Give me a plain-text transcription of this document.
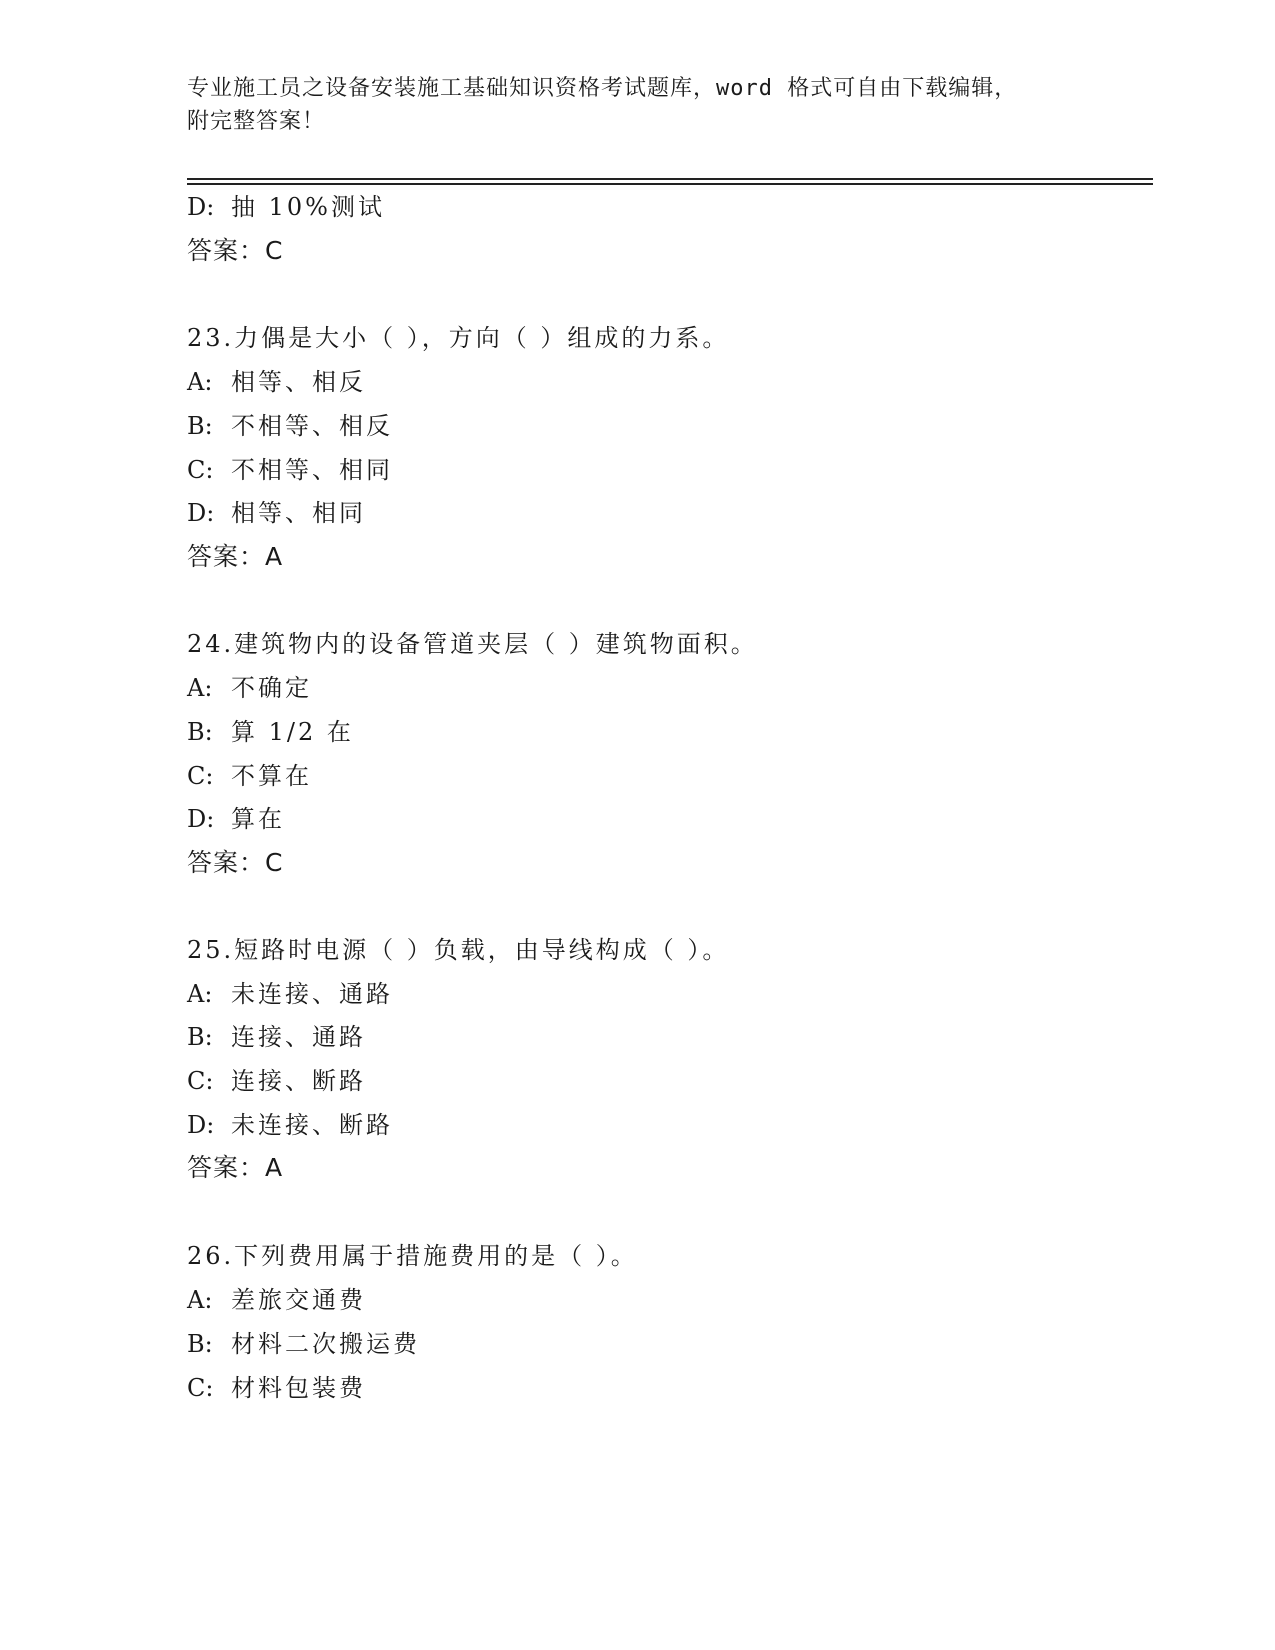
专业施工员之设备安装施工基础知识资格考试题库，word 格式可自由下载编辑，
附完整答案！
D: 抽 10%测试
答案：C
23.力偶是大小（ ），方向（ ）组成的力系。
A: 相等、相反
B: 不相等、相反
C: 不相等、相同
D: 相等、相同
答案：A
24.建筑物内的设备管道夹层（ ）建筑物面积。
A: 不确定
B: 算 1/2 在
C: 不算在
D: 算在
答案：C
25.短路时电源（ ）负载，由导线构成（ ）。
A: 未连接、通路
B: 连接、通路
C: 连接、断路
D: 未连接、断路
答案：A
26.下列费用属于措施费用的是（ ）。
A: 差旅交通费
B: 材料二次搬运费
C: 材料包装费
